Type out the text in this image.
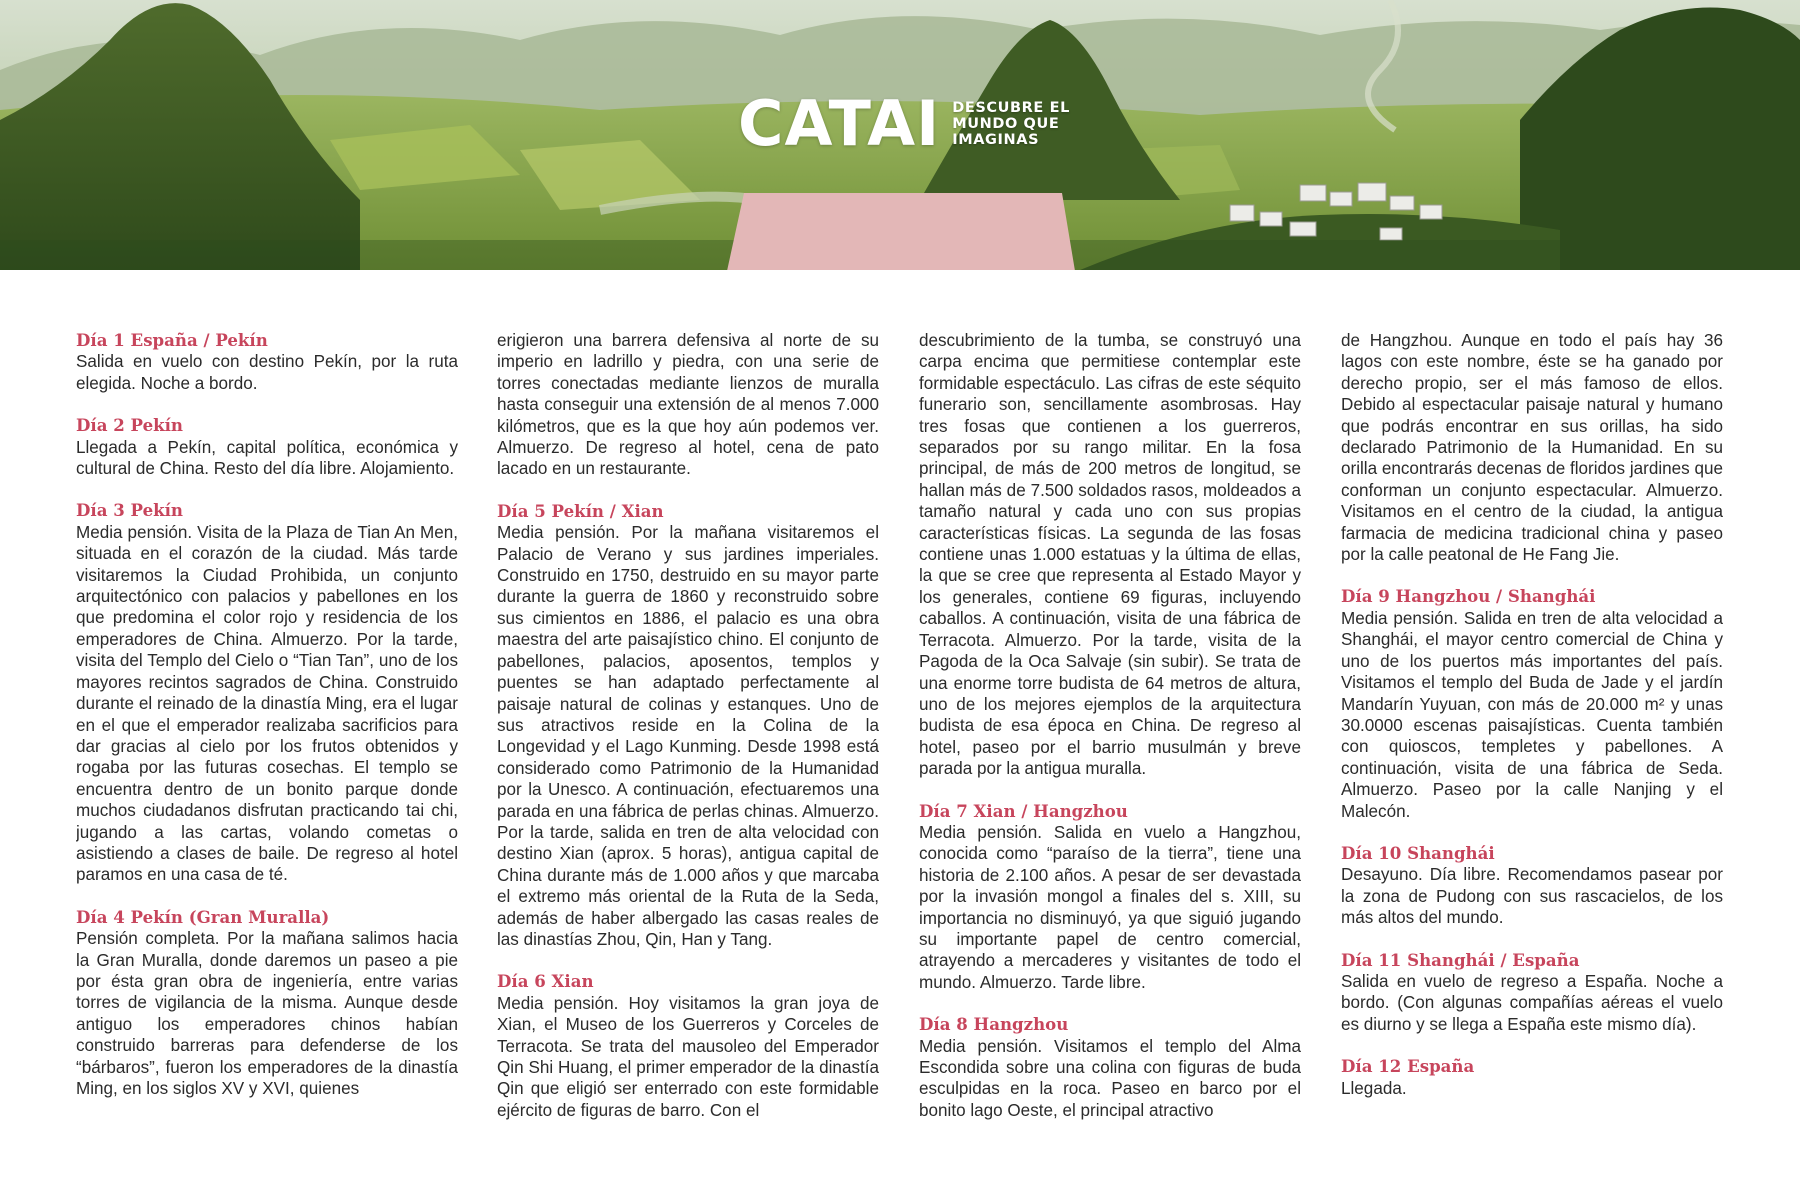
CATAI DESCUBRE EL
MUNDO QUE
IMAGINAS

Día 1 España / Pekín

Salida en vuelo con destino Pekín, por la ruta elegida. Noche a bordo.

Día 2 Pekín

Llegada a Pekín, capital política, económica y cultural de China. Resto del día libre. Alojamiento.

Día 3 Pekín

Media pensión. Visita de la Plaza de Tian An Men, situada en el corazón de la ciudad. Más tarde visitaremos la Ciudad Prohibida, un conjunto arquitectónico con palacios y pabellones en los que predomina el color rojo y residencia de los emperadores de China. Almuerzo. Por la tarde, visita del Templo del Cielo o “Tian Tan”, uno de los mayores recintos sagrados de China. Construido durante el reinado de la dinastía Ming, era el lugar en el que el emperador realizaba sacrificios para dar gracias al cielo por los frutos obtenidos y rogaba por las futuras cosechas. El templo se encuentra dentro de un bonito parque donde muchos ciudadanos disfrutan practicando tai chi, jugando a las cartas, volando cometas o asistiendo a clases de baile. De regreso al hotel paramos en una casa de té.

Día 4 Pekín (Gran Muralla)

Pensión completa. Por la mañana salimos hacia la Gran Muralla, donde daremos un paseo a pie por ésta gran obra de ingeniería, entre varias torres de vigilancia de la misma. Aunque desde antiguo los emperadores chinos habían construido barreras para defenderse de los “bárbaros”, fueron los emperadores de la dinastía Ming, en los siglos XV y XVI, quienes

erigieron una barrera defensiva al norte de su imperio en ladrillo y piedra, con una serie de torres conectadas mediante lienzos de muralla hasta conseguir una extensión de al menos 7.000 kilómetros, que es la que hoy aún podemos ver. Almuerzo. De regreso al hotel, cena de pato lacado en un restaurante.

Día 5 Pekín / Xian

Media pensión. Por la mañana visitaremos el Palacio de Verano y sus jardines imperiales. Construido en 1750, destruido en su mayor parte durante la guerra de 1860 y reconstruido sobre sus cimientos en 1886, el palacio es una obra maestra del arte paisajístico chino. El conjunto de pabellones, palacios, aposentos, templos y puentes se han adaptado perfectamente al paisaje natural de colinas y estanques. Uno de sus atractivos reside en la Colina de la Longevidad y el Lago Kunming. Desde 1998 está considerado como Patrimonio de la Humanidad por la Unesco. A continuación, efectuaremos una parada en una fábrica de perlas chinas. Almuerzo. Por la tarde, salida en tren de alta velocidad con destino Xian (aprox. 5 horas), antigua capital de China durante más de 1.000 años y que marcaba el extremo más oriental de la Ruta de la Seda, además de haber albergado las casas reales de las dinastías Zhou, Qin, Han y Tang.

Día 6 Xian

Media pensión. Hoy visitamos la gran joya de Xian, el Museo de los Guerreros y Corceles de Terracota. Se trata del mausoleo del Emperador Qin Shi Huang, el primer emperador de la dinastía Qin que eligió ser enterrado con este formidable ejército de figuras de barro. Con el

descubrimiento de la tumba, se construyó una carpa encima que permitiese contemplar este formidable espectáculo. Las cifras de este séquito funerario son, sencillamente asombrosas. Hay tres fosas que contienen a los guerreros, separados por su rango militar. En la fosa principal, de más de 200 metros de longitud, se hallan más de 7.500 soldados rasos, moldeados a tamaño natural y cada uno con sus propias características físicas. La segunda de las fosas contiene unas 1.000 estatuas y la última de ellas, la que se cree que representa al Estado Mayor y los generales, contiene 69 figuras, incluyendo caballos. A continuación, visita de una fábrica de Terracota. Almuerzo. Por la tarde, visita de la Pagoda de la Oca Salvaje (sin subir). Se trata de una enorme torre budista de 64 metros de altura, uno de los mejores ejemplos de la arquitectura budista de esa época en China. De regreso al hotel, paseo por el barrio musulmán y breve parada por la antigua muralla.

Día 7 Xian / Hangzhou

Media pensión. Salida en vuelo a Hangzhou, conocida como “paraíso de la tierra”, tiene una historia de 2.100 años. A pesar de ser devastada por la invasión mongol a finales del s. XIII, su importancia no disminuyó, ya que siguió jugando su importante papel de centro comercial, atrayendo a mercaderes y visitantes de todo el mundo. Almuerzo. Tarde libre.

Día 8 Hangzhou

Media pensión. Visitamos el templo del Alma Escondida sobre una colina con figuras de buda esculpidas en la roca. Paseo en barco por el bonito lago Oeste, el principal atractivo

de Hangzhou. Aunque en todo el país hay 36 lagos con este nombre, éste se ha ganado por derecho propio, ser el más famoso de ellos. Debido al espectacular paisaje natural y humano que podrás encontrar en sus orillas, ha sido declarado Patrimonio de la Humanidad. En su orilla encontrarás decenas de floridos jardines que conforman un conjunto espectacular. Almuerzo. Visitamos en el centro de la ciudad, la antigua farmacia de medicina tradicional china y paseo por la calle peatonal de He Fang Jie.

Día 9 Hangzhou / Shanghái

Media pensión. Salida en tren de alta velocidad a Shanghái, el mayor centro comercial de China y uno de los puertos más importantes del país. Visitamos el templo del Buda de Jade y el jardín Mandarín Yuyuan, con más de 20.000 m² y unas 30.0000 escenas paisajísticas. Cuenta también con quioscos, templetes y pabellones. A continuación, visita de una fábrica de Seda. Almuerzo. Paseo por la calle Nanjing y el Malecón.

Día 10 Shanghái

Desayuno. Día libre. Recomendamos pasear por la zona de Pudong con sus rascacielos, de los más altos del mundo.

Día 11 Shanghái / España

Salida en vuelo de regreso a España. Noche a bordo. (Con algunas compañías aéreas el vuelo es diurno y se llega a España este mismo día).

Día 12 España

Llegada.
